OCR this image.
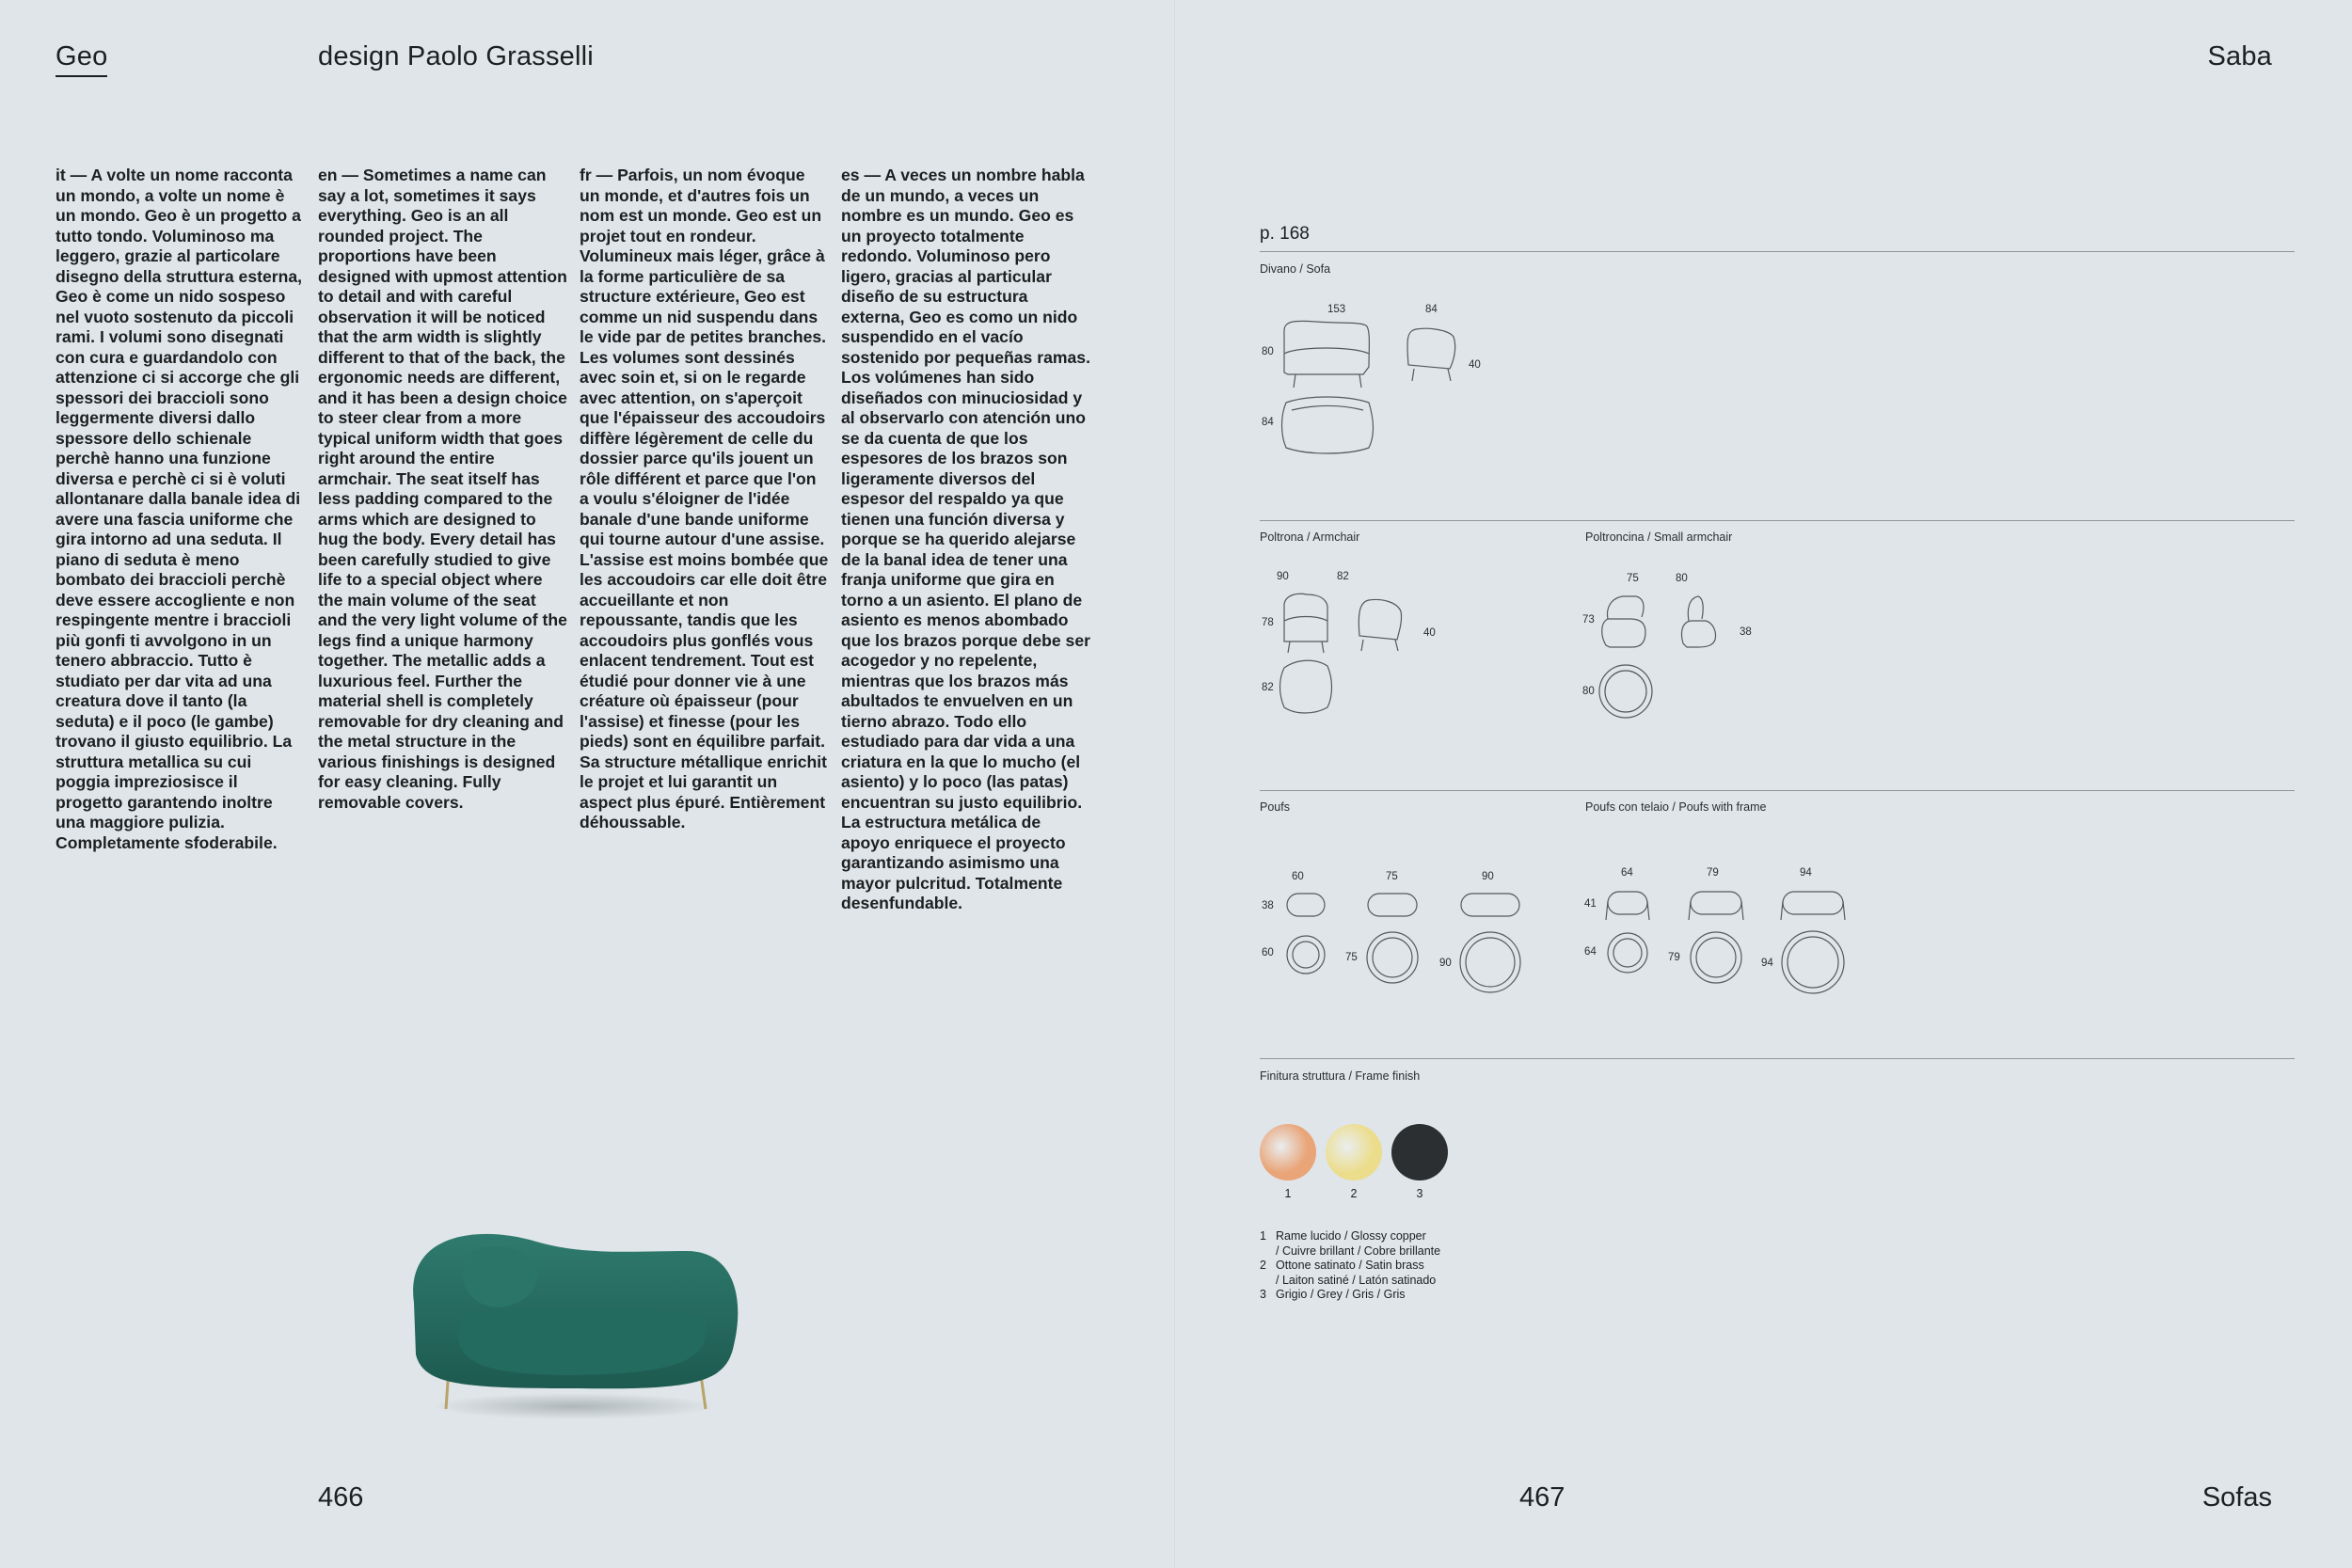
Geo	design Paolo Grasselli
it — A volte un nome racconta un mondo, a volte un nome è un mondo. Geo è un progetto a tutto tondo. Voluminoso ma leggero, grazie al particolare disegno della struttura esterna, Geo è come un nido sospeso nel vuoto sostenuto da piccoli rami. I volumi sono disegnati con cura e guardandolo con attenzione ci si accorge che gli spessori dei braccioli sono leggermente diversi dallo spessore dello schienale perchè hanno una funzione diversa e perchè ci si è voluti allontanare dalla banale idea di avere una fascia uniforme che gira intorno ad una seduta. Il piano di seduta è meno bombato dei braccioli perchè deve essere accogliente e non respingente mentre i braccioli più gonfi ti avvolgono in un tenero abbraccio. Tutto è studiato per dar vita ad una creatura dove il tanto (la seduta) e il poco (le gambe) trovano il giusto equilibrio. La struttura metallica su cui poggia impreziosisce il progetto garantendo inoltre una maggiore pulizia. Completamente sfoderabile.
en — Sometimes a name can say a lot, sometimes it says everything. Geo is an all rounded project. The proportions have been designed with upmost attention to detail and with careful observation it will be noticed that the arm width is slightly different to that of the back, the ergonomic needs are different, and it has been a design choice to steer clear from a more typical uniform width that goes right around the entire armchair. The seat itself has less padding compared to the arms which are designed to hug the body. Every detail has been carefully studied to give life to a special object where the main volume of the seat and the very light volume of the legs find a unique harmony together. The metallic adds a luxurious feel. Further the material shell is completely removable for dry cleaning and the metal structure in the various finishings is designed for easy cleaning. Fully removable covers.
fr — Parfois, un nom évoque un monde, et d'autres fois un nom est un monde. Geo est un projet tout en rondeur. Volumineux mais léger, grâce à la forme particulière de sa structure extérieure, Geo est comme un nid suspendu dans le vide par de petites branches. Les volumes sont dessinés avec soin et, si on le regarde avec attention, on s'aperçoit que l'épaisseur des accoudoirs diffère légèrement de celle du dossier parce qu'ils jouent un rôle différent et parce que l'on a voulu s'éloigner de l'idée banale d'une bande uniforme qui tourne autour d'une assise. L'assise est moins bombée que les accoudoirs car elle doit être accueillante et non repoussante, tandis que les accoudoirs plus gonflés vous enlacent tendrement. Tout est étudié pour donner vie à une créature où épaisseur (pour l'assise) et finesse (pour les pieds) sont en équilibre parfait. Sa structure métallique enrichit le projet et lui garantit un aspect plus épuré. Entièrement déhoussable.
es — A veces un nombre habla de un mundo, a veces un nombre es un mundo. Geo es un proyecto totalmente redondo. Voluminoso pero ligero, gracias al particular diseño de su estructura externa, Geo es como un nido suspendido en el vacío sostenido por pequeñas ramas. Los volúmenes han sido diseñados con minuciosidad y al observarlo con atención uno se da cuenta de que los espesores de los brazos son ligeramente diversos del espesor del respaldo ya que tienen una función diversa y porque se ha querido alejarse de la banal idea de tener una franja uniforme que gira en torno a un asiento. El plano de asiento es menos abombado que los brazos porque debe ser acogedor y no repelente, mientras que los brazos más abultados te envuelven en un tierno abrazo. Todo ello estudiado para dar vida a una criatura en la que lo mucho (el asiento) y lo poco (las patas) encuentran su justo equilibrio. La estructura metálica de apoyo enriquece el proyecto garantizando asimismo una mayor pulcritud. Totalmente desenfundable.
466
Saba
p. 168
Divano / Sofa
153	84
80
40
84
Poltrona / Armchair
90	82
78
40
82
Poltroncina / Small armchair
75	80
73
38
80
Poufs
60	75	90
38
60	75	90
Poufs con telaio / Poufs with frame
64	79	94
41
64	79	94
Finitura struttura / Frame finish
1	2	3
1 Rame lucido / Glossy copper
/ Cuivre brillant / Cobre brillante
2 Ottone satinato / Satin brass
/ Laiton satiné / Latón satinado
3 Grigio / Grey / Gris / Gris
467	Sofas
